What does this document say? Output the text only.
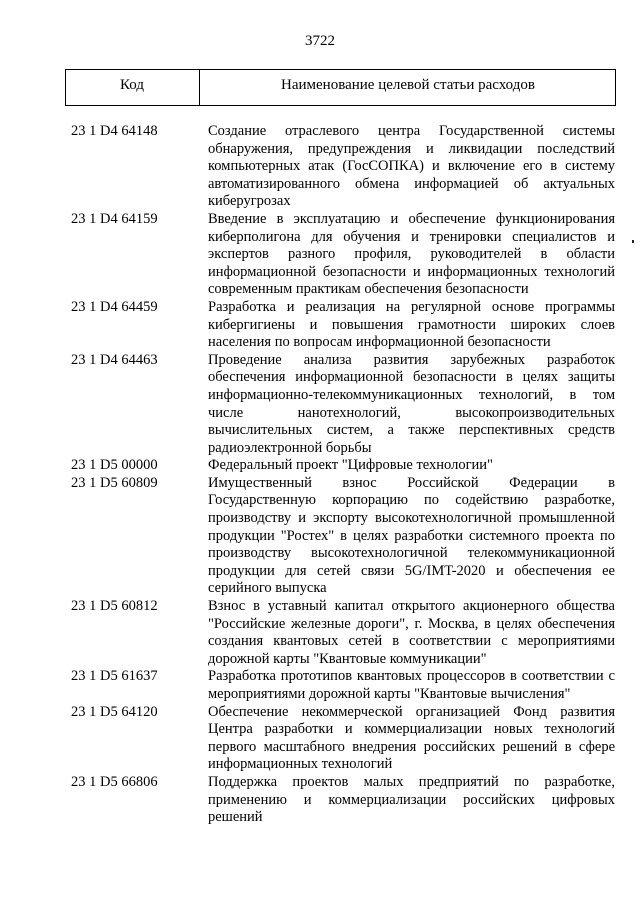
3722
Код	Наименование целевой статьи расходов
23 1 D4 64148	Создание отраслевого центра Государственной системы обнаружения, предупреждения и ликвидации последствий компьютерных атак (ГосСОПКА) и включение его в систему автоматизированного обмена информацией об актуальных киберугрозах
23 1 D4 64159	Введение в эксплуатацию и обеспечение функционирования киберполигона для обучения и тренировки специалистов и экспертов разного профиля, руководителей в области информационной безопасности и информационных технологий современным практикам обеспечения безопасности
23 1 D4 64459	Разработка и реализация на регулярной основе программы кибергигиены и повышения грамотности широких слоев населения по вопросам информационной безопасности
23 1 D4 64463	Проведение анализа развития зарубежных разработок обеспечения информационной безопасности в целях защиты информационно-телекоммуникационных технологий, в том числе нанотехнологий, высокопроизводительных вычислительных систем, а также перспективных средств радиоэлектронной борьбы
23 1 D5 00000	Федеральный проект "Цифровые технологии"
23 1 D5 60809	Имущественный взнос Российской Федерации в Государственную корпорацию по содействию разработке, производству и экспорту высокотехнологичной промышленной продукции "Ростех" в целях разработки системного проекта по производству высокотехнологичной телекоммуникационной продукции для сетей связи 5G/IMT-2020 и обеспечения ее серийного выпуска
23 1 D5 60812	Взнос в уставный капитал открытого акционерного общества "Российские железные дороги", г. Москва, в целях обеспечения создания квантовых сетей в соответствии с мероприятиями дорожной карты "Квантовые коммуникации"
23 1 D5 61637	Разработка прототипов квантовых процессоров в соответствии с мероприятиями дорожной карты "Квантовые вычисления"
23 1 D5 64120	Обеспечение некоммерческой организацией Фонд развития Центра разработки и коммерциализации новых технологий первого масштабного внедрения российских решений в сфере информационных технологий
23 1 D5 66806	Поддержка проектов малых предприятий по разработке, применению и коммерциализации российских цифровых решений
